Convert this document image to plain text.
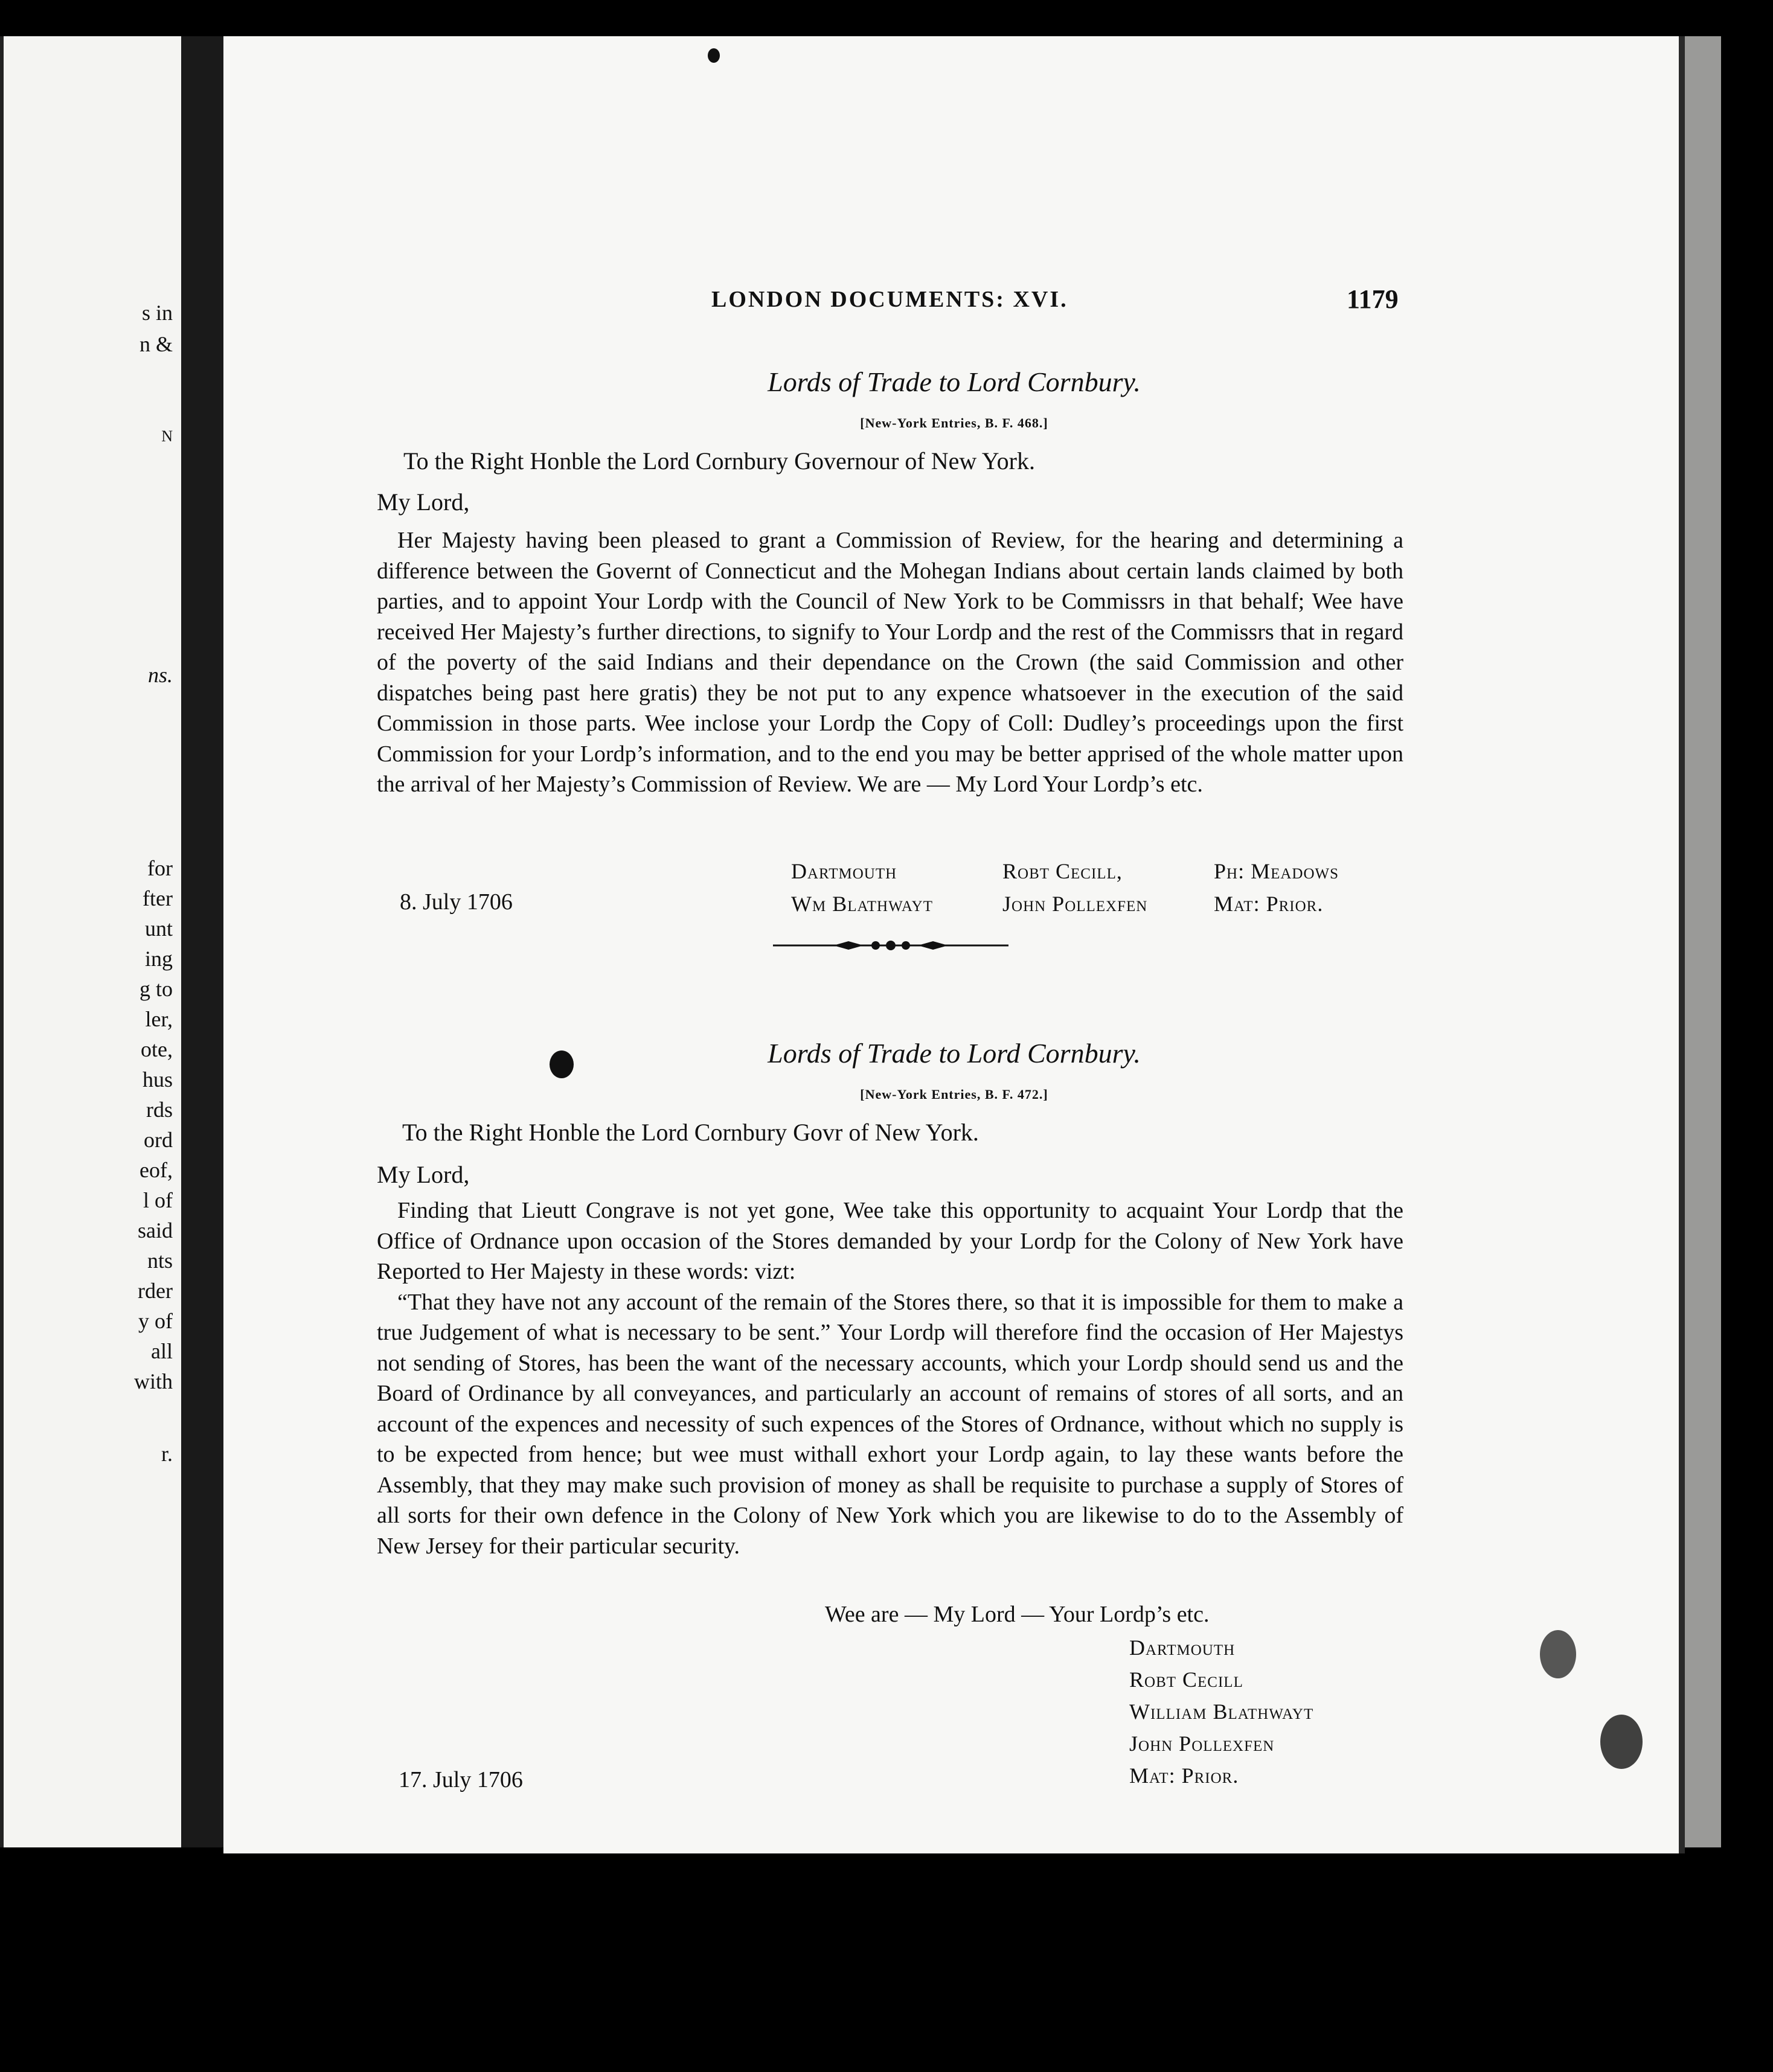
s in
n &
N
ns.
for
fter
unt
ing
g to
ler,
ote,
hus
rds
ord
eof,
l of
said
nts
rder
y of
all
with
r.
LONDON DOCUMENTS: XVI.	1179
Lords of Trade to Lord Cornbury.
[New-York Entries, B. F. 468.]
To the Right Honble the Lord Cornbury Governour of New York.
My Lord,

Her Majesty having been pleased to grant a Commission of Review, for the hearing and determining a difference between the Governt of Connecticut and the Mohegan Indians about certain lands claimed by both parties, and to appoint Your Lordp with the Council of New York to be Commissrs in that behalf; Wee have received Her Majesty’s further directions, to signify to Your Lordp and the rest of the Commissrs that in regard of the poverty of the said Indians and their dependance on the Crown (the said Commission and other dispatches being past here gratis) they be not put to any expence whatsoever in the execution of the said Commission in those parts. Wee inclose your Lordp the Copy of Coll: Dudley’s proceedings upon the first Commission for your Lordp’s information, and to the end you may be better apprised of the whole matter upon the arrival of her Majesty’s Commission of Review. We are — My Lord Your Lordp’s etc.

Dartmouth	Robt Cecill,	Ph: Meadows
Wm Blathwayt	John Pollexfen	Mat: Prior.
8. July 1706
Lords of Trade to Lord Cornbury.
[New-York Entries, B. F. 472.]
To the Right Honble the Lord Cornbury Govr of New York.
My Lord,

Finding that Lieutt Congrave is not yet gone, Wee take this opportunity to acquaint Your Lordp that the Office of Ordnance upon occasion of the Stores demanded by your Lordp for the Colony of New York have Reported to Her Majesty in these words: vizt:

“That they have not any account of the remain of the Stores there, so that it is impossible for them to make a true Judgement of what is necessary to be sent.” Your Lordp will therefore find the occasion of Her Majestys not sending of Stores, has been the want of the necessary accounts, which your Lordp should send us and the Board of Ordinance by all conveyances, and particularly an account of remains of stores of all sorts, and an account of the expences and necessity of such expences of the Stores of Ordnance, without which no supply is to be expected from hence; but wee must withall exhort your Lordp again, to lay these wants before the Assembly, that they may make such provision of money as shall be requisite to purchase a supply of Stores of all sorts for their own defence in the Colony of New York which you are likewise to do to the Assembly of New Jersey for their particular security.

Wee are — My Lord — Your Lordp’s etc.
Dartmouth
Robt Cecill
William Blathwayt
John Pollexfen
Mat: Prior.
17. July 1706
